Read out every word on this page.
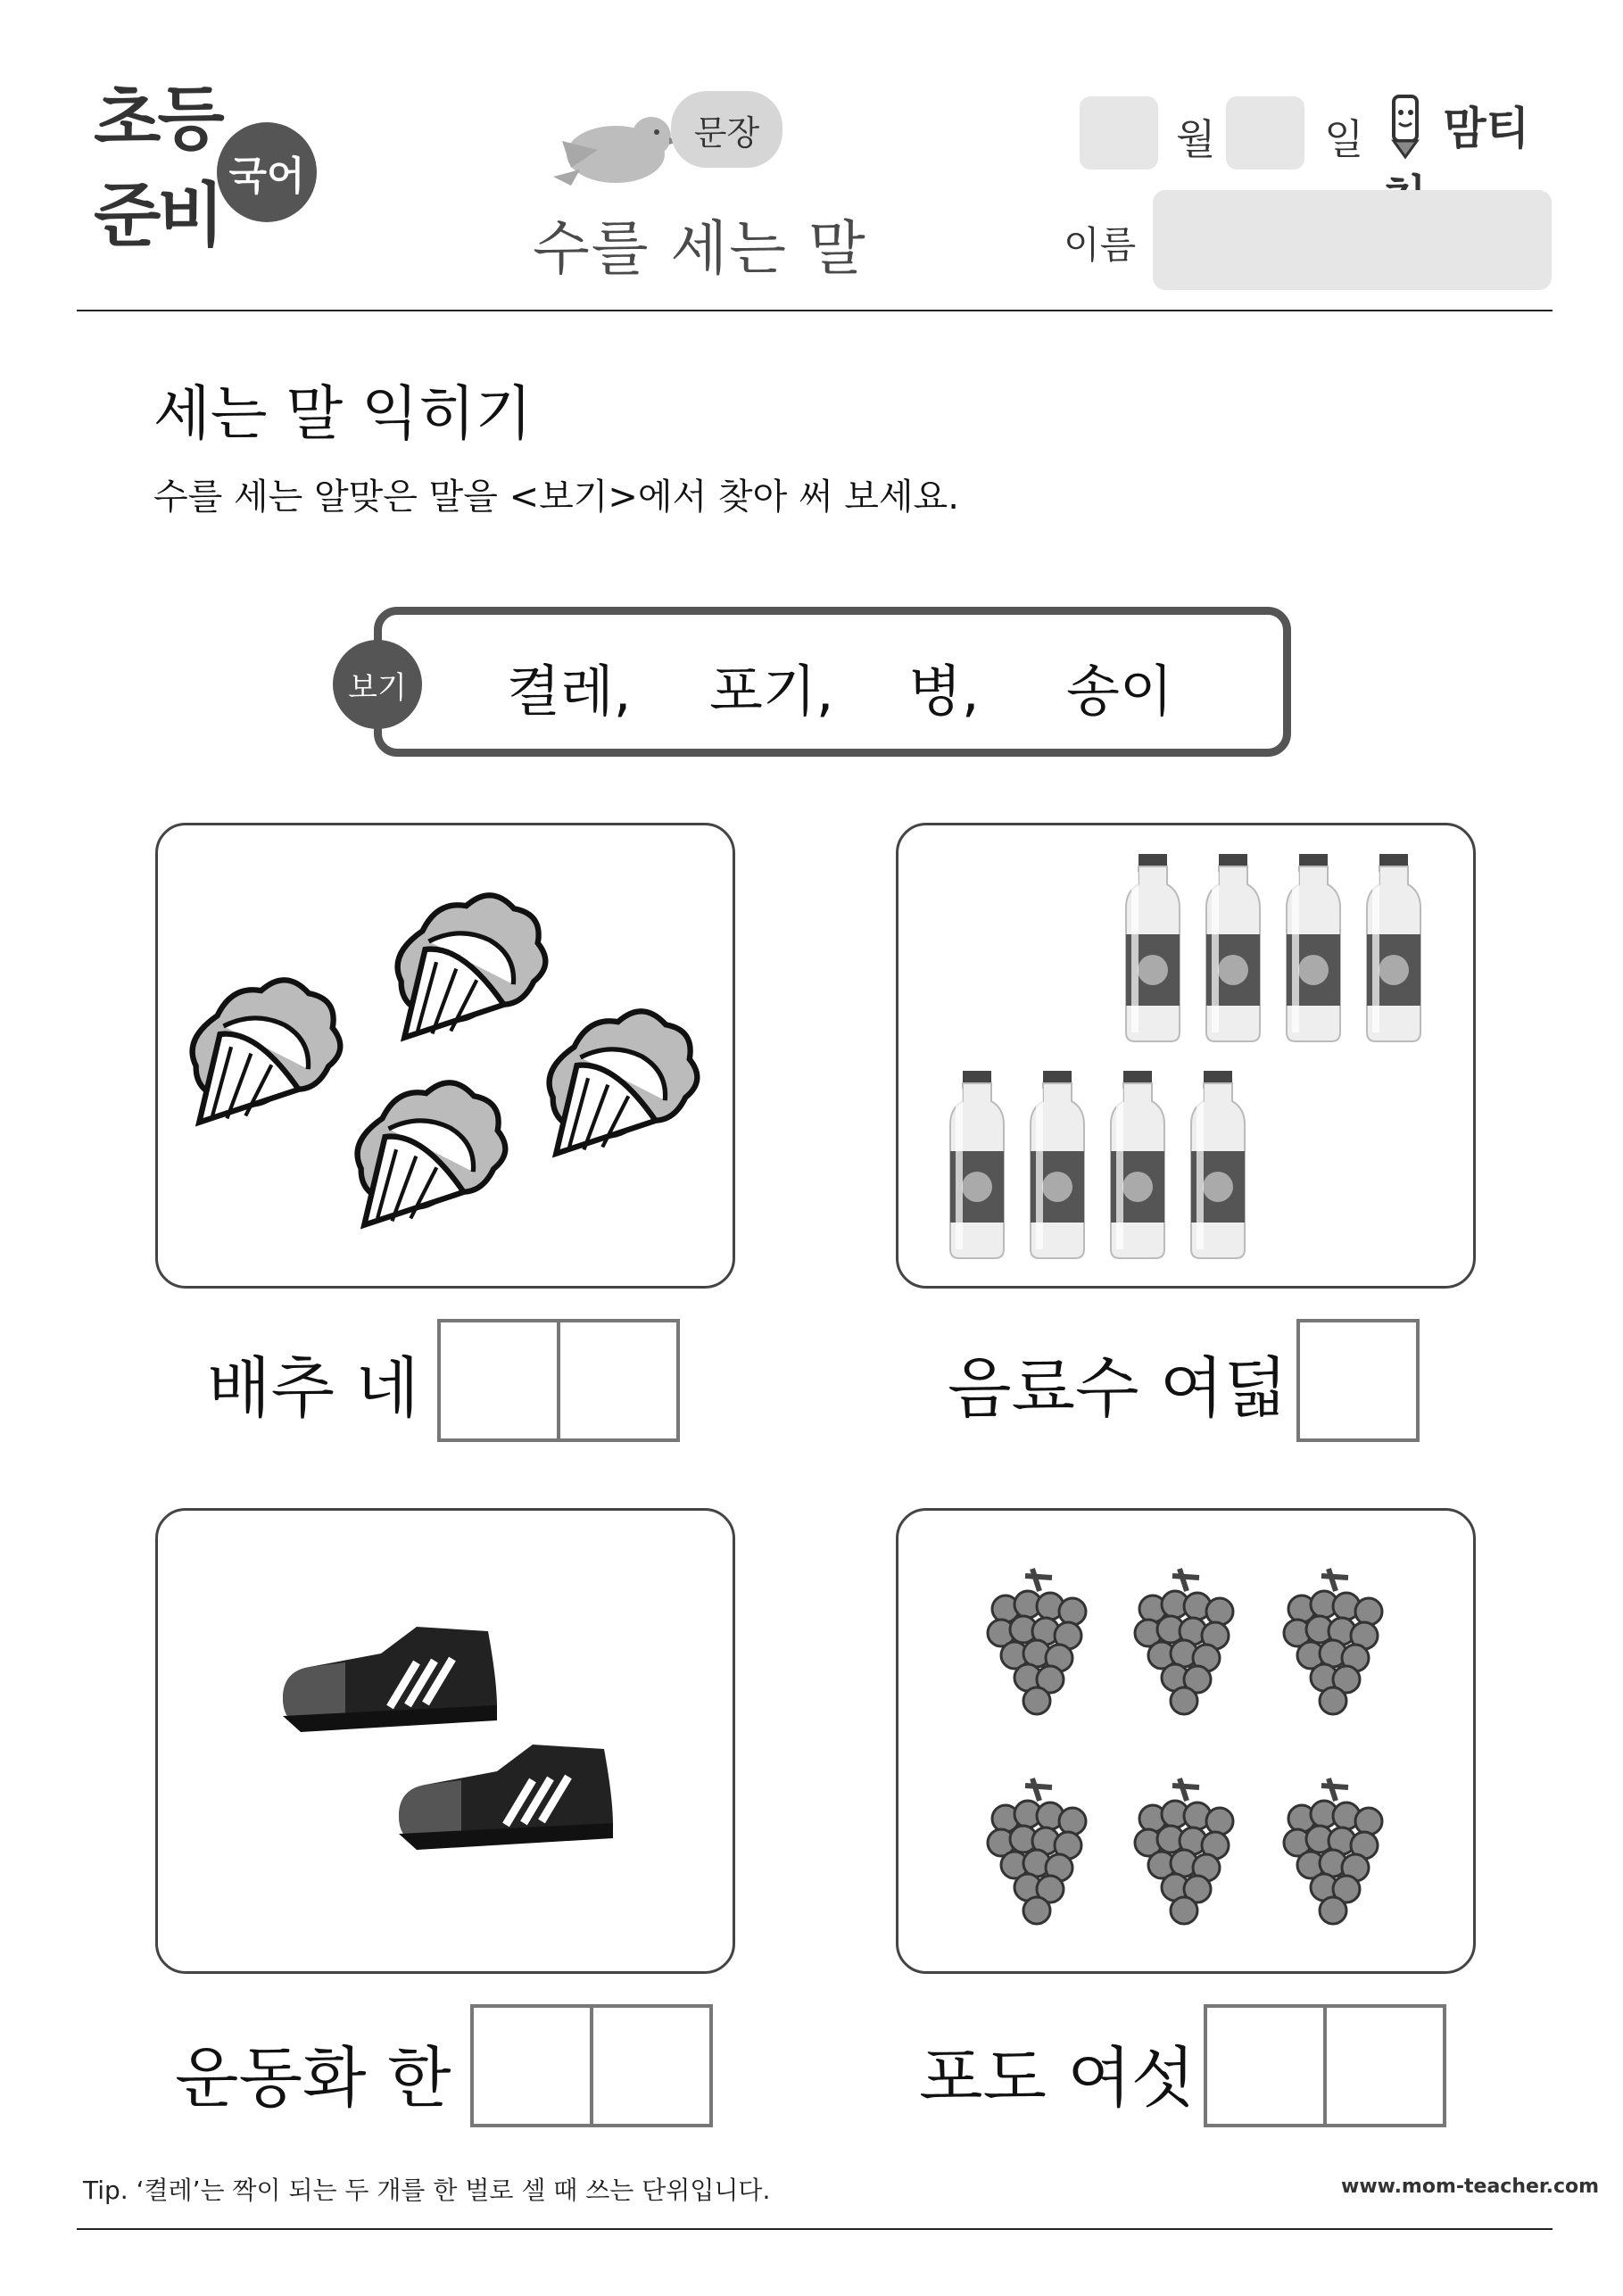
초등
준비 국어
문장
수를 세는 말
월	일	맘티
이름
세는 말 익히기
수를 세는 알맞은 말을 <보기>에서 찾아 써 보세요.
보기 켤레, 포기, 병, 송이
배추 네	음료수 여덟
운동화 한	포도 여섯
Tip. ‘켤레’는 짝이 되는 두 개를 한 벌로 셀 때 쓰는 단위입니다.	www.mom-teacher.com
